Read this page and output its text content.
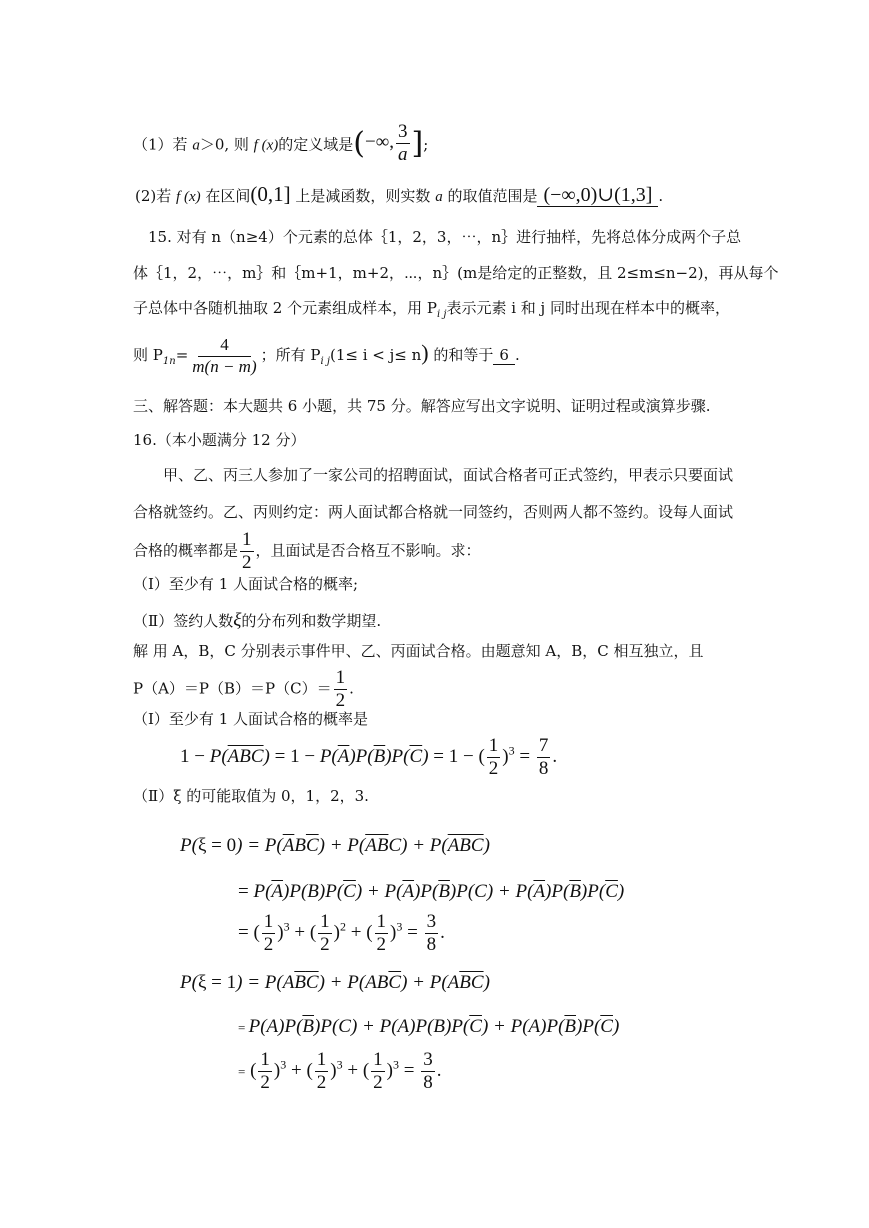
（1）若 a＞0, 则 f (x)的定义域是(−∞, $\frac{3}{a}$ ];
(2)若 f (x) 在区间(0,1] 上是减函数，则实数 a 的取值范围是 (−∞,0)∪(1,3] .
15. 对有 n（n≥4）个元素的总体｛1，2，3，⋯，n｝进行抽样，先将总体分成两个子总
体｛1，2，⋯，m｝和｛m+1，m+2，⋯，n｝(m是给定的正整数，且 2≤m≤n−2)，再从每个
子总体中各随机抽取 2 个元素组成样本，用 $P_{i j}$表示元素 i 和 j 同时出现在样本中的概率，
则 $P_{1n}= \frac{4}{m(n - m)}$ ；所有 $P_{i j}(1\le i < j\le n)$ 的和等于 6 .
三、解答题：本大题共 6 小题，共 75 分。解答应写出文字说明、证明过程或演算步骤.
16.（本小题满分 12 分）
甲、乙、丙三人参加了一家公司的招聘面试，面试合格者可正式签约，甲表示只要面试
合格就签约。乙、丙则约定：两人面试都合格就一同签约，否则两人都不签约。设每人面试
合格的概率都是 $\frac{1}{2}$ ，且面试是否合格互不影响。求：
（Ⅰ）至少有 1 人面试合格的概率;
（Ⅱ）签约人数ξ的分布列和数学期望.
解 用 A，B，C 分别表示事件甲、乙、丙面试合格。由题意知 A，B，C 相互独立，且
$P(A)=P(B)=P(C)= \frac{1}{2}$ .
（Ⅰ）至少有 1 人面试合格的概率是
$1 - P(\overline{ABC}) = 1 - P(\overline{A})P(\overline{B})P(\overline{C}) = 1$ − ( $\frac{1}{2} )^3 = \frac{7}{8}$ .
（Ⅱ）ξ 的可能取值为 0，1，2，3.
$P(\xi = 0) = P(\overline{A}B\overline{C}) + P(\overline{AB}C) + P(\overline{ABC})$
= $P(\overline{A})P(B)P(\overline{C}) + P(\overline{A})P(\overline{B})P(C) + P(\overline{A})P(\overline{B})P(\overline{C})$
= ( $\frac{1}{2} )^3$ + ( $\frac{1}{2} )^2$ + ( $\frac{1}{2} )^3 = \frac{3}{8}$ .
$P(\xi = 1) = P(A\overline{B}\overline{C}) + P(AB\overline{C}) + P(A\overline{BC})$
= $P(A)P(\overline{B})P(C) + P(A)P(B)P(\overline{C}) + P(A)P(\overline{B})P(\overline{C})$
= ( $\frac{1}{2} )^3$ + ( $\frac{1}{2} )^3$ + ( $\frac{1}{2} )^3 = \frac{3}{8}$ .
